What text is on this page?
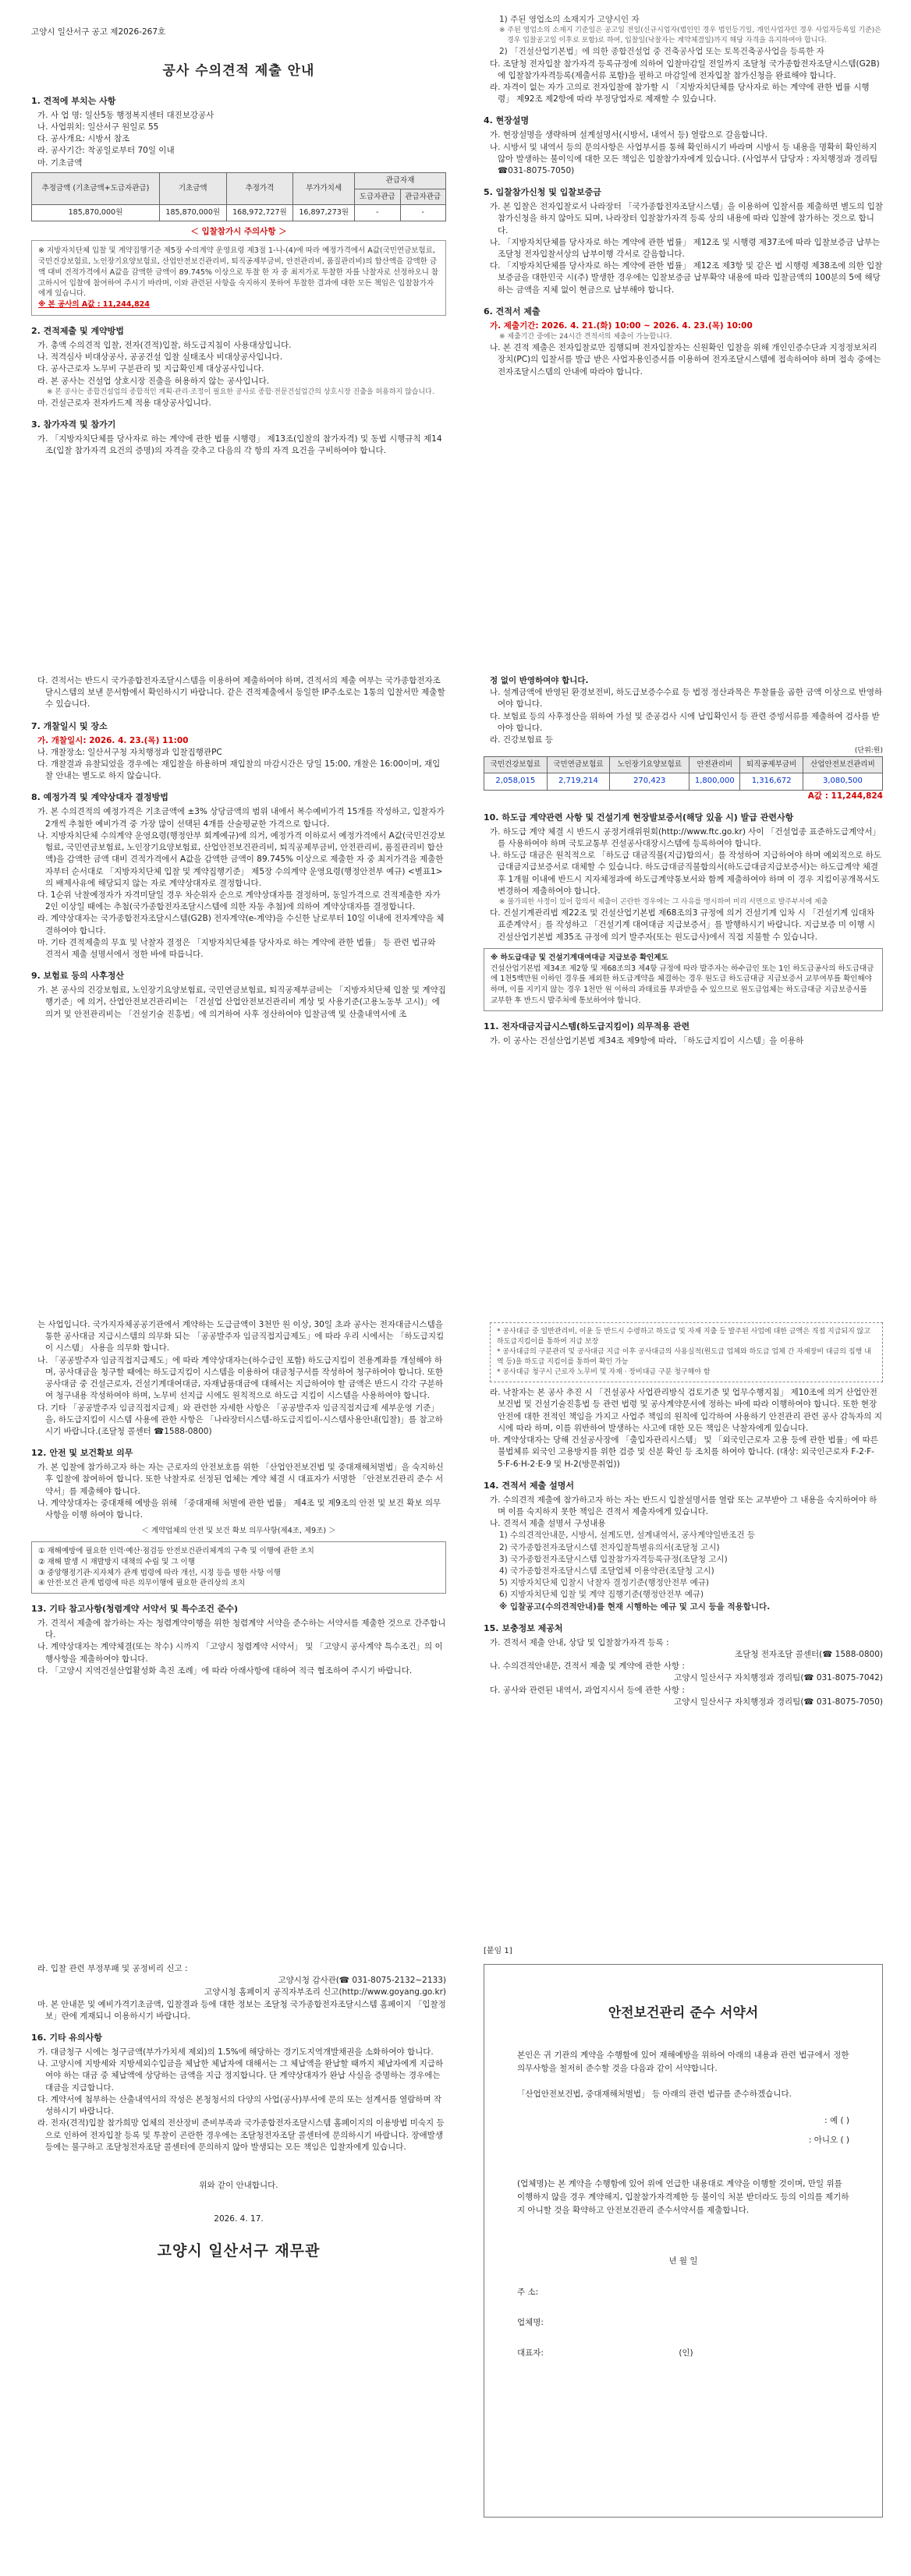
고양시 일산서구 공고 제2026-267호
공사 수의견적 제출 안내
1. 견적에 부치는 사항
가. 사 업 명: 일산5동 행정복지센터 대진보강공사
나. 사업위치: 일산서구 원일로 55
다. 공사개요: 시방서 참조
라. 공사기간: 착공일로부터 70일 이내
마. 기초금액
추정금액 (기초금액+도급자관급)	기초금액	추정가격	부가가치세	관급자재	
				도급자관급	관급자관급
185,870,000원	185,870,000원	168,972,727원	16,897,273원	-	-
＜ 입찰참가시 주의사항 ＞
※ 지방자치단체 입찰 및 계약집행기준 제5장 수의계약 운영요령 제3절 1-나-(4)에 따라 예정가격에서 A값(국민연금보험료, 국민건강보험료, 노인장기요양보험료, 산업안전보건관리비, 퇴직공제부금비, 안전관리비, 품질관리비)의 합산액을 감액한 금액 대비 견적가격에서 A값을 감액한 금액이 89.745% 이상으로 투찰 한 자 중 최저가로 투찰한 자를 낙찰자로 선정하오니 참고하시어 입찰에 참여하여 주시기 바라며, 이와 관련된 사항을 숙지하지 못하여 투찰한 결과에 대한 모든 책임은 입찰참가자에게 있습니다.
※ 본 공사의 A값 : 11,244,824
2. 견적제출 및 계약방법
가. 총액 수의견적 입찰, 전자(견적)입찰, 하도급지침이 사용대상입니다.
나. 적격심사 비대상공사, 공공건설 입찰 실태조사 비대상공사입니다.
다. 공사근로자 노무비 구분관리 및 지급확인제 대상공사입니다.
라. 본 공사는 건설업 상호시장 진출을 허용하지 않는 공사입니다.
※ 본 공사는 종합건설업의 종합적인 계획·관리·조정이 필요한 공사로 종합·전문건설업간의 상호시장 진출을 허용하지 않습니다.
마. 건설근로자 전자카드제 적용 대상공사입니다.
3. 참가자격 및 참가기
가. 「지방자치단체를 당사자로 하는 계약에 관한 법률 시행령」 제13조(입찰의 참가자격) 및 동법 시행규칙 제14조(입찰 참가자격 요건의 증명)의 자격을 갖추고 다음의 각 항의 자격 요건을 구비하여야 합니다.
1) 주된 영업소의 소재지가 고양시인 자
※ 주된 영업소의 소재지 기준일은 공고일 전일(신규시업자(법인인 경우 법인등기일, 개인사업자인 경우 사업자등록일 기준)은 경우 입찰공고일 이후로 포함)로 하여, 입찰일(낙찰자는 계약체결일)까지 해당 자격을 유지하여야 합니다.
2) 「건설산업기본법」에 의한 종합건설업 중 건축공사업 또는 토목건축공사업을 등록한 자
다. 조달청 전자입찰 참가자격 등록규정에 의하여 입찰마감일 전일까지 조달청 국가종합전자조달시스템(G2B)에 입찰참가자격등록(제출서류 포함)을 필하고 마감일에 전자입찰 참가신청을 완료해야 합니다.
라. 자격이 없는 자가 고의로 전자입찰에 참가할 시 「지방자치단체를 당사자로 하는 계약에 관한 법률 시행령」 제92조 제2항에 따라 부정당업자로 제재할 수 있습니다.
4. 현장설명
가. 현장설명을 생략하며 설계설명서(시방서, 내역서 등) 열람으로 갈음합니다.
나. 시방서 및 내역서 등의 문의사항은 사업부서를 통해 확인하시기 바라며 시방서 등 내용을 명확히 확인하지 않아 발생하는 불이익에 대한 모든 책임은 입찰참가자에게 있습니다. (사업부서 담당자 : 자치행정과 경리팀 ☎031-8075-7050)
5. 입찰참가신청 및 입찰보증금
가. 본 입찰은 전자입찰로서 나라장터 「국가종합전자조달시스템」을 이용하여 입찰서를 제출하면 별도의 입찰참가신청을 하지 않아도 되며, 나라장터 입찰참가자격 등록 상의 내용에 따라 입찰에 참가하는 것으로 합니다.
나. 「지방자치단체를 당사자로 하는 계약에 관한 법률」 제12조 및 시행령 제37조에 따라 입찰보증금 납부는 조달청 전자입찰서상의 납부이행 각서로 갈음합니다.
다. 「지방자치단체를 당사자로 하는 계약에 관한 법률」 제12조 제3항 및 같은 법 시행령 제38조에 의한 입찰보증금을 대한민국 시(주) 발생한 경우에는 입찰보증금 납부확약 내용에 따라 입찰금액의 100분의 5에 해당하는 금액을 지체 없이 현금으로 납부해야 합니다.
6. 견적서 제출
가. 제출기간: 2026. 4. 21.(화) 10:00 ~ 2026. 4. 23.(목) 10:00
※ 제출기간 중에는 24시간 견적서의 제출이 가능합니다.
나. 본 견적 제출은 전자입찰로만 집행되며 전자입찰자는 신원확인 입찰을 위해 개인인증수단과 지정정보처리장치(PC)의 입찰서를 발급 받은 사업자용인증서를 이용하여 전자조달시스템에 접속하여야 하며 접속 중에는 전자조달시스템의 안내에 따라야 합니다.
다. 견적서는 반드시 국가종합전자조달시스템을 이용하여 제출하여야 하며, 견적서의 제출 여부는 국가종합전자조달시스템의 보낸 문서함에서 확인하시기 바랍니다. 같은 견적제출에서 동일한 IP주소로는 1통의 입찰서만 제출할 수 있습니다.
7. 개찰일시 및 장소
가. 개찰일시: 2026. 4. 23.(목) 11:00
나. 개찰장소: 일산서구청 자치행정과 입찰집행관PC
다. 개찰결과 유찰되었을 경우에는 재입찰을 하용하며 재입찰의 마감시간은 당일 15:00, 개찰은 16:00이며, 재입찰 안내는 별도로 하지 않습니다.
8. 예정가격 및 계약상대자 결정방법
가. 본 수의견적의 예정가격은 기초금액에 ±3% 상당금액의 범위 내에서 복수예비가격 15개를 작성하고, 입찰자가 2개씩 추첨한 예비가격 중 가장 많이 선택된 4개를 산술평균한 가격으로 합니다.
나. 지방자치단체 수의계약 운영요령(행정안부 회계예규)에 의거, 예정가격 이하로서 예정가격에서 A값(국민건강보험료, 국민연금보험료, 노인장기요양보험료, 산업안전보건관리비, 퇴직공제부금비, 안전관리비, 품질관리비 합산액)을 감액한 금액 대비 견적가격에서 A값을 감액한 금액이 89.745% 이상으로 제출한 자 중 최저가격을 제출한 자부터 순서대로 「지방자치단체 입찰 및 계약집행기준」 제5장 수의계약 운영요령(행정안전부 예규) <별표1>의 배제사유에 해당되지 않는 자로 계약상대자로 결정합니다.
다. 1순위 낙찰예정자가 자격미달일 경우 차순위자 순으로 계약상대자를 결정하며, 동일가격으로 견적제출한 자가 2인 이상일 때에는 추첨(국가종합전자조달시스템에 의한 자동 추첨)에 의하여 계약상대자를 결정합니다.
라. 계약상대자는 국가종합전자조달시스템(G2B) 전자계약(e-계약)을 수신한 날로부터 10일 이내에 전자계약을 체결하여야 합니다.
마. 기타 견적제출의 무효 및 낙찰자 결정은 「지방자치단체를 당사자로 하는 계약에 관한 법률」 등 관련 법규와 견적서 제출 설명서에서 정한 바에 따릅니다.
9. 보험료 등의 사후정산
가. 본 공사의 건강보험료, 노인장기요양보험료, 국민연금보험료, 퇴직공제부금비는 「지방자치단체 입찰 및 계약집행기준」에 의거, 산업안전보건관리비는 「건설업 산업안전보건관리비 계상 및 사용기준(고용노동부 고시)」에 의거 및 안전관리비는 「건설기술 진흥법」에 의거하여 사후 정산하여야 입찰금액 및 산출내역서에 조
정 없이 반영하여야 합니다.
나. 설계금액에 반영된 환경보전비, 하도급보증수수료 등 법정 정산과목은 투찰률을 곱한 금액 이상으로 반영하여야 합니다.
다. 보험료 등의 사후정산을 위하여 가설 및 준공검사 시에 납입확인서 등 관련 증빙서류를 제출하여 검사를 받아야 합니다.
라. 건강보험료 등
(단위:원)
국민건강보험료	국민연금보험료	노인장기요양보험료	안전관리비	퇴직공제부금비	산업안전보건관리비
2,058,015	2,719,214	270,423	1,800,000	1,316,672	3,080,500
A값 : 11,244,824
10. 하도급 계약관련 사항 및 건설기계 현장발보증서(해당 있을 시) 발급 관련사항
가. 하도급 계약 체결 시 반드시 공정거래위원회(http://www.ftc.go.kr) 사이 「건설업종 표준하도급계약서」를 사용하여야 하며 국토교통부 건설공사대장시스템에 등록하여야 합니다.
나. 하도급 대금은 원칙적으로 「하도급 대금직불(지급)합의서」를 작성하여 지급하여야 하며 예외적으로 하도급대금지급보증서로 대체할 수 있습니다. 하도급대금직불합의서(하도급대금지급보증서)는 하도급계약 체결 후 1개월 이내에 반드시 지자체정과에 하도급계약통보서와 함께 제출하여야 하며 이 경우 지킴이공개목서도 변경하여 제출하여야 합니다.
※ 불가피한 사정이 있어 합의서 제출이 곤란한 경우에는 그 사유를 명시하여 미리 서면으로 발주부서에 제출
다. 건설기계관리법 제22조 및 건설산업기본법 제68조의3 규정에 의거 건설기계 임차 시 「건설기계 임대차 표준계약서」를 작성하고 「건설기계 대여대금 지급보증서」를 발행하시기 바랍니다. 지급보증 미 이행 시 건설산업기본법 제35조 규정에 의거 발주자(또는 원도급사)에서 직접 지불할 수 있습니다.
※ 하도급대금 및 건설기계대여대금 지급보증 확인제도
건설산업기본법 제34조 제2항 및 제68조의3 제4항 규정에 따라 발주자는 하수급인 또는 1인 하도급공사의 하도급대금에 1천5백만원 이하인 경우를 제외한 하도급계약을 체결하는 경우 원도급 하도급대금 지급보증서 교부여부를 확인해야 하며, 이를 지키지 않는 경우 1천만 원 이하의 과태료를 부과받을 수 있으므로 원도급업체는 하도급대금 지급보증서를 교부한 후 반드시 발주처에 통보하여야 합니다.
11. 전자대금지급시스템(하도급지킴이) 의무적용 관련
가. 이 공사는 건설산업기본법 제34조 제9항에 따라, 「하도급지킴이 시스템」을 이용하
는 사업입니다. 국가지자체공공기관에서 계약하는 도급금액이 3천만 원 이상, 30일 초과 공사는 전자대금시스템을 통한 공사대금 지급시스템의 의무화 되는 「공공발주자 임금직접지급제도」에 따라 우리 시에서는 「하도급지킴이 시스템」 사용을 의무화 합니다.
나. 「공공발주자 임금직접지급제도」에 따라 계약상대자는(하수급인 포함) 하도급지킴이 전용계좌를 개설해야 하며, 공사대금을 청구할 때에는 하도급지킴이 시스템을 이용하여 대금청구서를 작성하여 청구하여야 합니다. 또한 공사대금 중 건설근로자, 건설기계대여대금, 자재납품대금에 대해서는 지급하여야 할 금액은 반드시 각각 구분하여 청구내용 작성하여야 하며, 노무비 선지급 시에도 원칙적으로 하도급 지킴이 시스템을 사용하여야 합니다.
다. 기타 「공공발주자 임금직접지급제」와 관련한 자세한 사항은 「공공발주자 임금직접지급제 세부운영 기준」을, 하도급지킴이 시스템 사용에 관한 사항은 「나라장터시스템-하도급지킴이-시스템사용안내(입찰)」를 참고하시기 바랍니다.(조달청 콜센터 ☎1588-0800)
12. 안전 및 보건확보 의무
가. 본 입찰에 참가하고자 하는 자는 근로자의 안전보호를 위한 「산업안전보건법 및 중대재해처벌법」을 숙지하신 후 입찰에 참여하여 합니다. 또한 낙찰자로 선정된 업체는 계약 체결 시 대표자가 서명한 「안전보건관리 준수 서약서」를 제출해야 합니다.
나. 계약상대자는 중대재해 예방을 위해 「중대재해 처벌에 관한 법률」 제4조 및 제9조의 안전 및 보건 확보 의무사항을 이행 하여야 합니다.
＜ 계약업체의 안전 및 보건 확보 의무사항(제4조, 제9조) ＞
① 재해예방에 필요한 인력·예산·점검등 안전보건관리체계의 구축 및 이행에 관한 조치
② 재해 발생 시 재발방지 대책의 수립 및 그 이행
③ 중앙행정기관·지자체가 관계 법령에 따라 개선, 시정 등을 명한 사항 이행
④ 안전·보건 관계 법령에 따른 의무이행에 필요한 관리상의 조치
13. 기타 참고사항(청렴계약 서약서 및 특수조건 준수)
가. 견적서 제출에 참가하는 자는 청렴계약이행을 위한 청렴계약 서약을 준수하는 서약서를 제출한 것으로 간주합니다.
나. 계약상대자는 계약체결(또는 착수) 시까지 「고양시 청렴계약 서약서」 및 「고양시 공사계약 특수조건」의 이행사항을 제출하여야 합니다.
다. 「고양시 지역건설산업활성화 촉진 조례」에 따라 아래사항에 대하여 적극 협조하여 주시기 바랍니다.
* 공사대금 중 일반관리비, 이윤 등 반드시 수령하고 하도급 및 자재 지출 등 발주된 사업에 대한 금액은 직접 지급되지 않고 하도급지킴이를 통하여 지급 보장
* 공사대금의 구분관리 및 공사대금 지급 이후 공사대금의 사용실적(원도급 업체와 하도급 업체 간 자재장비 대금의 집행 내역 등)을 하도급 지킴이를 통하여 확인 가능
* 공사대금 청구시 근로자 노무비 및 자재 · 장비대금 구분 청구해야 함
라. 낙찰자는 본 공사 추진 시 「건설공사 사업관리방식 검토기준 및 업무수행지침」 제10조에 의거 산업안전 보건법 및 건설기술진흥법 등 관련 법령 및 공사계약문서에 정하는 바에 따라 이행하여야 합니다. 또한 현장안전에 대한 전적인 책임을 가지고 사업주 책임의 원칙에 입각하여 사용하기 안전관리 관련 공사 감독자의 지시에 따라 하며, 이를 위반하여 발생하는 사고에 대한 모든 책임은 낙찰자에게 있습니다.
마. 계약상대자는 당해 건설공사장에 「출입자관리시스템」 및 「외국인근로자 고용 등에 관한 법률」에 따른 불법체류 외국인 고용방지를 위한 검증 및 신분 확인 등 조치를 하여야 합니다. (대상: 외국인근로자 F-2·F-5·F-6·H-2·E-9 및 H-2(방문취업))
14. 견적서 제출 설명서
가. 수의견적 제출에 참가하고자 하는 자는 반드시 입찰설명서를 열람 또는 교부받아 그 내용을 숙지하여야 하며 이를 숙지하지 못한 책임은 견적서 제출자에게 있습니다.
나. 견적서 제출 설명서 구성내용
1) 수의견적안내문, 시방서, 설계도면, 설계내역서, 공사계약일반조건 등
2) 국가종합전자조달시스템 전자입찰특별유의서(조달청 고시)
3) 국가종합전자조달시스템 입찰참가자격등록규정(조달청 고시)
4) 국가종합전자조달시스템 조달업체 이용약관(조달청 고시)
5) 지방자치단체 입찰시 낙찰자 결정기준(행정안전부 예규)
6) 지방자치단체 입찰 및 계약 집행기준(행정안전부 예규)
※ 입찰공고(수의견적안내)를 현재 시행하는 예규 및 고시 등을 적용합니다.
15. 보충정보 제공처
가. 견적서 제출 안내, 상담 및 입찰참가자격 등록 :
조달청 전자조달 콜센터(☎ 1588-0800)
나. 수의견적안내문, 견적서 제출 및 계약에 관한 사항 :
고양시 일산서구 자치행정과 경리팀(☎ 031-8075-7042)
다. 공사와 관련된 내역서, 과업지시서 등에 관한 사항 :
고양시 일산서구 자치행정과 경리팀(☎ 031-8075-7050)
라. 입찰 관련 부정부패 및 공정비리 신고 :
고양시청 감사관(☎ 031-8075-2132~2133)
고양시청 홈페이지 공직자부조리 신고(http://www.goyang.go.kr)
마. 본 안내문 및 예비가격기초금액, 입찰결과 등에 대한 정보는 조달청 국가종합전자조달시스템 홈페이지 「입찰정보」란에 게재되니 이용하시기 바랍니다.
16. 기타 유의사항
가. 대금청구 시에는 청구금액(부가가치세 제외)의 1.5%에 해당하는 경기도지역개발채권을 소화하여야 합니다.
나. 고양시에 지방세와 지방세외수입금을 체납한 체납자에 대해서는 그 체납액을 완납할 때까지 체납자에게 지급하여야 하는 대금 중 체납액에 상당하는 금액을 지급 정지합니다. 단 계약상대자가 완납 사실을 증명하는 경우에는 대금을 지급합니다.
다. 계약서에 첨부하는 산출내역서의 작성은 본청청서의 다양의 사업(공사)부서에 문의 또는 설계서를 열람하며 작성하시기 바랍니다.
라. 전자(견적)입찰 참가희망 업체의 전산장비 준비부족과 국가종합전자조달시스템 홈페이지의 이용방법 미숙지 등으로 인하여 전자입찰 등록 및 투찰이 곤란한 경우에는 조달청전자조달 콜센터에 문의하시기 바랍니다. 장애발생 등에는 불구하고 조달청전자조달 콜센터에 문의하지 않아 발생되는 모든 책임은 입찰자에게 있습니다.
위와 같이 안내합니다.
2026. 4. 17.
고양시 일산서구 재무관
[붙임 1]
안전보건관리 준수 서약서
본인은 귀 기관의 계약을 수행함에 있어 재해예방을 위하여 아래의 내용과 관련 법규에서 정한 의무사항을 철저히 준수할 것을 다음과 같이 서약합니다.
「산업안전보건법, 중대재해처벌법」 등 아래의 관련 법규를 준수하겠습니다.
: 예 ( )
: 아니오 ( )
(업체명)는 본 계약을 수행함에 있어 위에 언급한 내용대로 계약을 이행할 것이며, 만일 위를 이행하지 않을 경우 계약해지, 입찰참가자격제한 등 불이익 처분 받더라도 등의 이의를 제기하지 아니할 것을 확약하고 안전보건관리 준수서약서를 제출합니다.
년 월 일
주 소:
업체명:
대표자:	(인)
